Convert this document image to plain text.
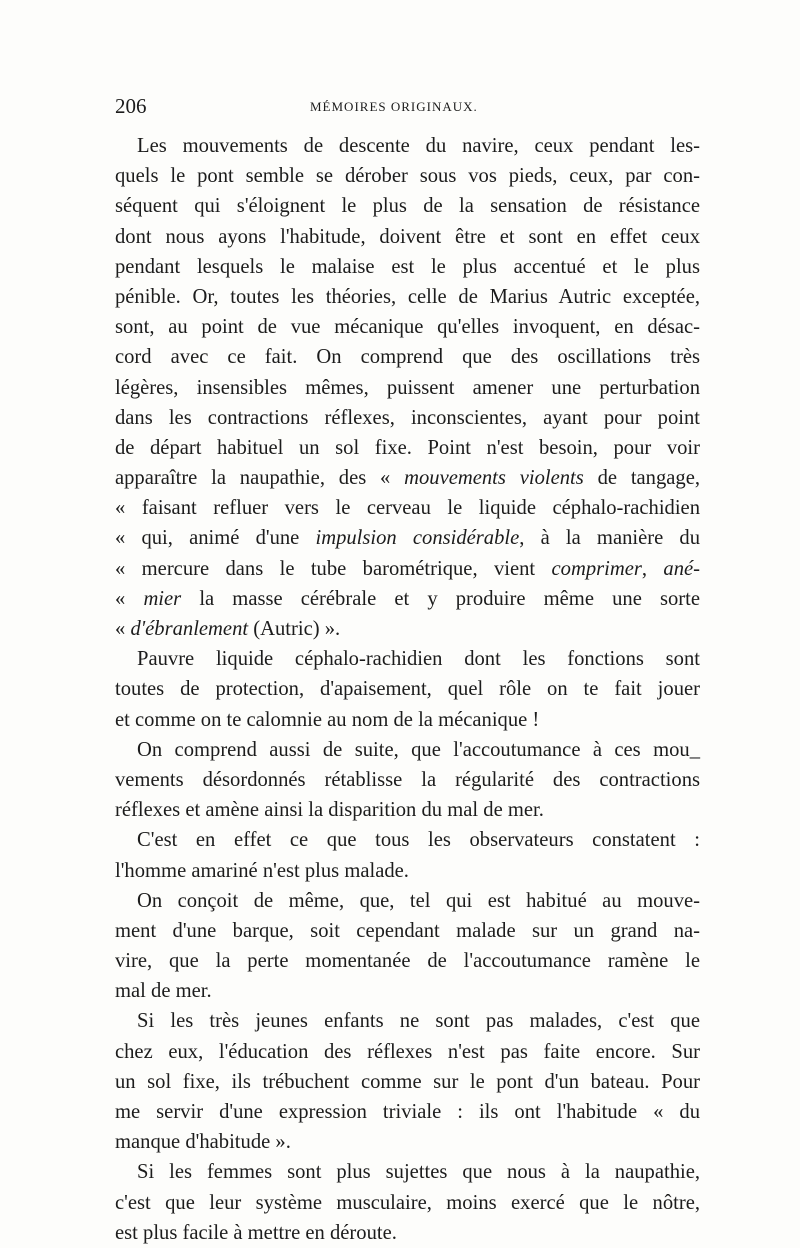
206	MÉMOIRES ORIGINAUX.
Les mouvements de descente du navire, ceux pendant les-
quels le pont semble se dérober sous vos pieds, ceux, par con-
séquent qui s'éloignent le plus de la sensation de résistance
dont nous ayons l'habitude, doivent être et sont en effet ceux
pendant lesquels le malaise est le plus accentué et le plus
pénible. Or, toutes les théories, celle de Marius Autric exceptée,
sont, au point de vue mécanique qu'elles invoquent, en désac-
cord avec ce fait. On comprend que des oscillations très
légères, insensibles mêmes, puissent amener une perturbation
dans les contractions réflexes, inconscientes, ayant pour point
de départ habituel un sol fixe. Point n'est besoin, pour voir
apparaître la naupathie, des « mouvements violents de tangage,
« faisant refluer vers le cerveau le liquide céphalo-rachidien
« qui, animé d'une impulsion considérable, à la manière du
« mercure dans le tube barométrique, vient comprimer, ané-
« mier la masse cérébrale et y produire même une sorte
« d'ébranlement (Autric) ».
Pauvre liquide céphalo-rachidien dont les fonctions sont
toutes de protection, d'apaisement, quel rôle on te fait jouer
et comme on te calomnie au nom de la mécanique !
On comprend aussi de suite, que l'accoutumance à ces mou_
vements désordonnés rétablisse la régularité des contractions
réflexes et amène ainsi la disparition du mal de mer.
C'est en effet ce que tous les observateurs constatent :
l'homme amariné n'est plus malade.
On conçoit de même, que, tel qui est habitué au mouve-
ment d'une barque, soit cependant malade sur un grand na-
vire, que la perte momentanée de l'accoutumance ramène le
mal de mer.
Si les très jeunes enfants ne sont pas malades, c'est que
chez eux, l'éducation des réflexes n'est pas faite encore. Sur
un sol fixe, ils trébuchent comme sur le pont d'un bateau. Pour
me servir d'une expression triviale : ils ont l'habitude « du
manque d'habitude ».
Si les femmes sont plus sujettes que nous à la naupathie,
c'est que leur système musculaire, moins exercé que le nôtre,
est plus facile à mettre en déroute.
